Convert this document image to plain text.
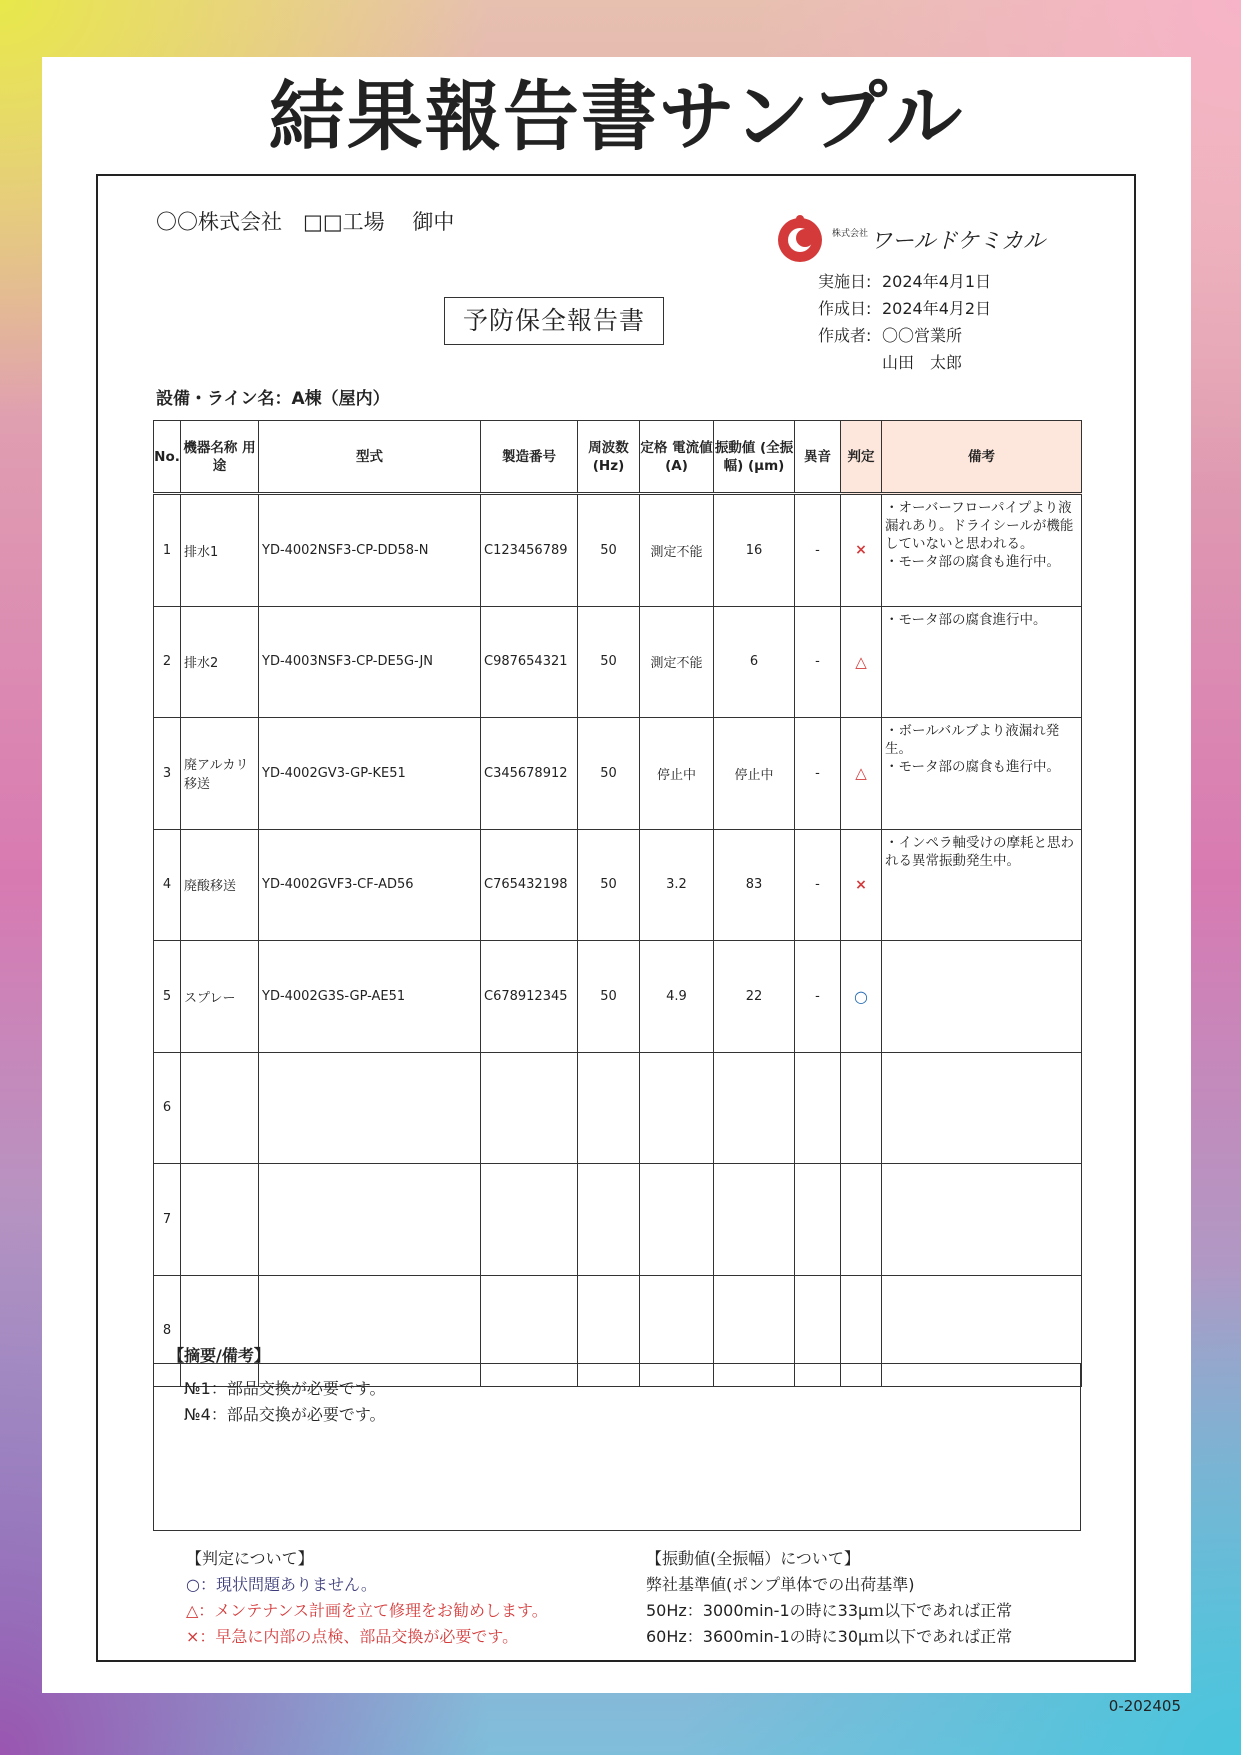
結果報告書サンプル
〇〇株式会社　□□工場　 御中	株式会社 ワールドケミカル
予防保全報告書
実施日: 2024年4月1日
作成日: 2024年4月2日
作成者: 〇〇営業所
山田　太郎
設備・ライン名：A棟（屋内）
No.	機器名称 用途	型式	製造番号	周波数 (Hz)	定格 電流値 (A)	振動値 (全振幅) (μm)	異音	判定	備考
1	排水1	YD-4002NSF3-CP-DD58-N	C123456789	50	測定不能	16	-	×	・オーバーフローパイプより液漏れあり。ドライシールが機能していないと思われる。
・モータ部の腐食も進行中。
2	排水2	YD-4003NSF3-CP-DE5G-JN	C987654321	50	測定不能	6	-	△	・モータ部の腐食進行中。
3	廃アルカリ移送	YD-4002GV3-GP-KE51	C345678912	50	停止中	停止中	-	△	・ボールバルブより液漏れ発生。
・モータ部の腐食も進行中。
4	廃酸移送	YD-4002GVF3-CF-AD56	C765432198	50	3.2	83	-	×	・インペラ軸受けの摩耗と思われる異常振動発生中。
5	スプレー	YD-4002G3S-GP-AE51	C678912345	50	4.9	22	-	○	
6									
7									
8									
【摘要/備考】
№1：部品交換が必要です。
№4：部品交換が必要です。
【判定について】
○：現状問題ありません。
△：メンテナンス計画を立て修理をお勧めします。
×：早急に内部の点検、部品交換が必要です。
【振動値(全振幅）について】
弊社基準値(ポンプ単体での出荷基準)
50Hz：3000min-1の時に33μｍ以下であれば正常
60Hz：3600min-1の時に30μｍ以下であれば正常
0-202405
